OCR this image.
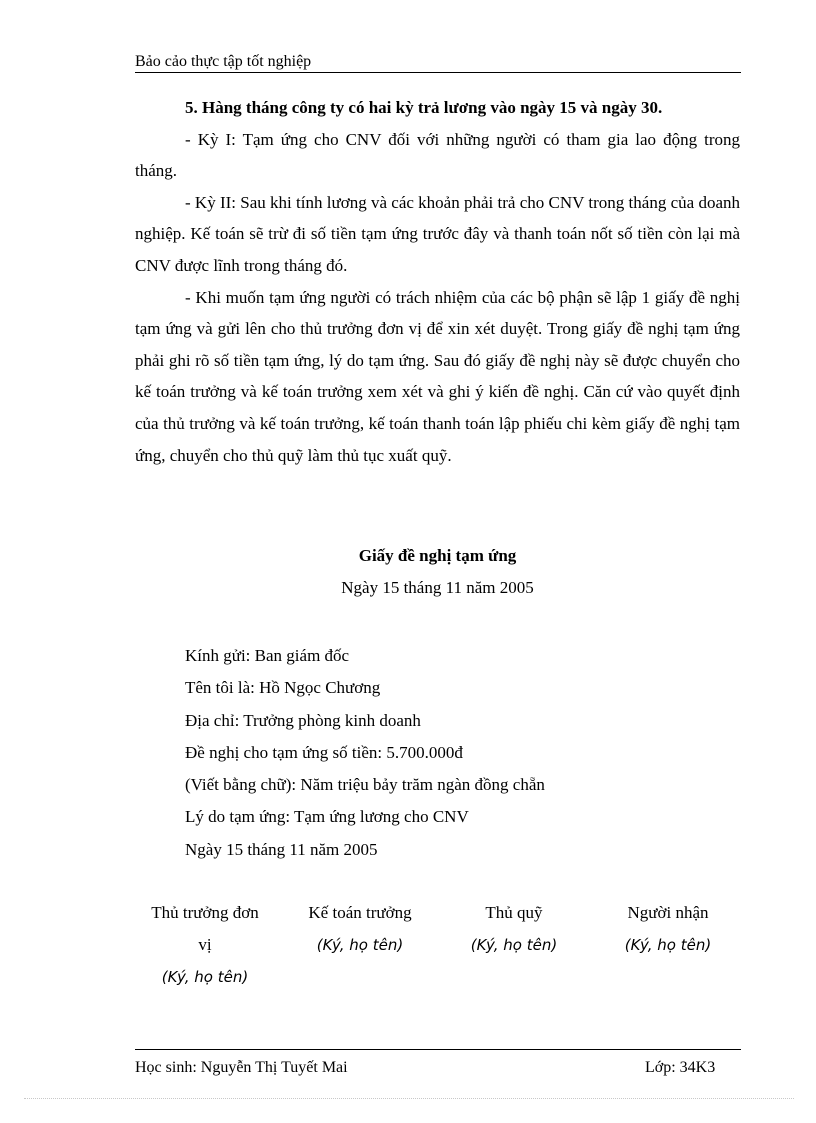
Bảo cảo thực tập tốt nghiệp

5. Hàng tháng công ty có hai kỳ trả lương vào ngày 15 và ngày 30.

- Kỳ I: Tạm ứng cho CNV đối với những người có tham gia lao động trong tháng.

- Kỳ II: Sau khi tính lương và các khoản phải trả cho CNV trong tháng của doanh nghiệp. Kế toán sẽ trừ đi số tiền tạm ứng trước đây và thanh toán nốt số tiền còn lại mà CNV được lĩnh trong tháng đó.

- Khi muốn tạm ứng người có trách nhiệm của các bộ phận sẽ lập 1 giấy đề nghị tạm ứng và gửi lên cho thủ trưởng đơn vị để xin xét duyệt. Trong giấy đề nghị tạm ứng phải ghi rõ số tiền tạm ứng, lý do tạm ứng. Sau đó giấy đề nghị này sẽ được chuyển cho kế toán trưởng và kế toán trưởng xem xét và ghi ý kiến đề nghị. Căn cứ vào quyết định của thủ trưởng và kế toán trưởng, kế toán thanh toán lập phiếu chi kèm giấy đề nghị tạm ứng, chuyển cho thủ quỹ làm thủ tục xuất quỹ.

Giấy đề nghị tạm ứng
Ngày 15 tháng 11 năm 2005
Kính gửi: Ban giám đốc
Tên tôi là: Hồ Ngọc Chương
Địa chỉ: Trưởng phòng kinh doanh
Đề nghị cho tạm ứng số tiền: 5.700.000đ
(Viết bằng chữ): Năm triệu bảy trăm ngàn đồng chẵn
Lý do tạm ứng: Tạm ứng lương cho CNV
Ngày 15 tháng 11 năm 2005
Thủ trưởng đơn
vị
(Ký, họ tên)
Kế toán trưởng
(Ký, họ tên)
Thủ quỹ
(Ký, họ tên)
Người nhận
(Ký, họ tên)
Học sinh: Nguyễn Thị Tuyết Mai	Lớp: 34K3
